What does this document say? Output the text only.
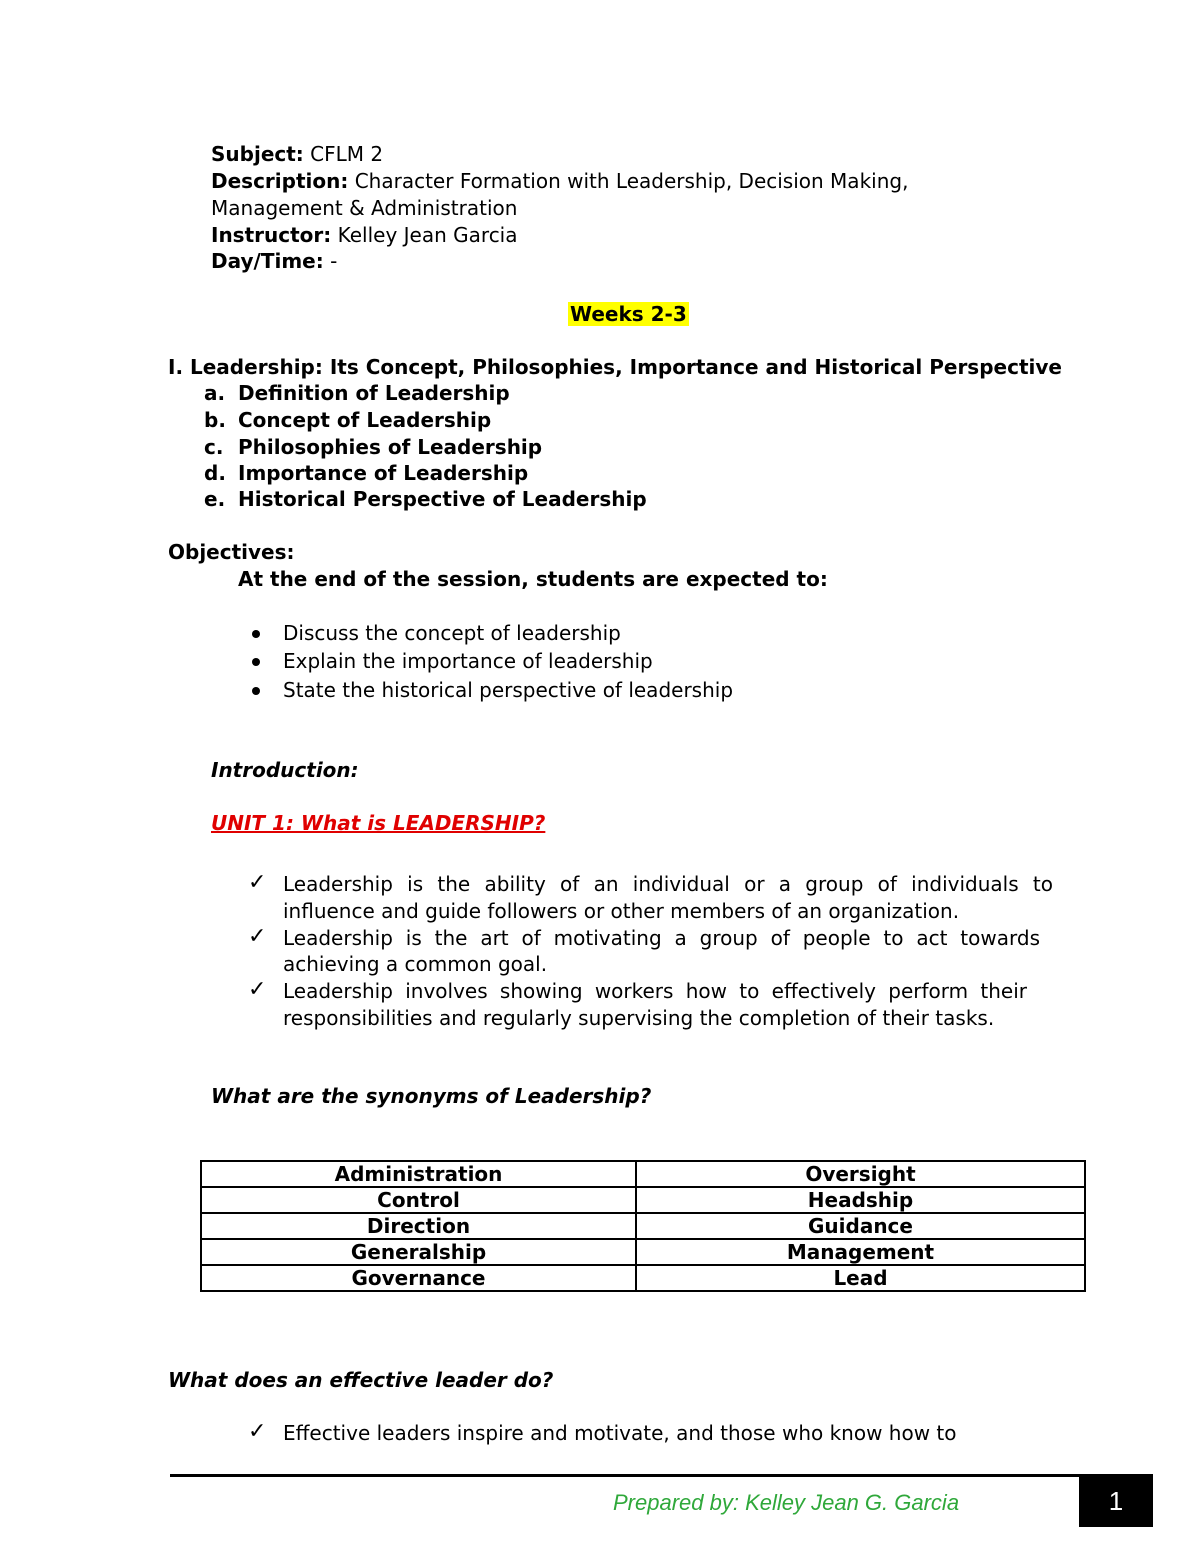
Subject: CFLM 2
Description: Character Formation with Leadership, Decision Making,
Management & Administration
Instructor: Kelley Jean Garcia
Day/Time: -
Weeks 2-3
I. Leadership: Its Concept, Philosophies, Importance and Historical Perspective
a. Definition of Leadership
b. Concept of Leadership
c. Philosophies of Leadership
d. Importance of Leadership
e. Historical Perspective of Leadership
Objectives:
At the end of the session, students are expected to:
Discuss the concept of leadership
Explain the importance of leadership
State the historical perspective of leadership
Introduction:
UNIT 1: What is LEADERSHIP?
✓ Leadership is the ability of an individual or a group of individuals to
influence and guide followers or other members of an organization.
✓ Leadership is the art of motivating a group of people to act towards
achieving a common goal.
✓ Leadership involves showing workers how to effectively perform their
responsibilities and regularly supervising the completion of their tasks.
What are the synonyms of Leadership?
Administration	Oversight
Control	Headship
Direction	Guidance
Generalship	Management
Governance	Lead
What does an effective leader do?
✓ Effective leaders inspire and motivate, and those who know how to
Prepared by: Kelley Jean G. Garcia	1
